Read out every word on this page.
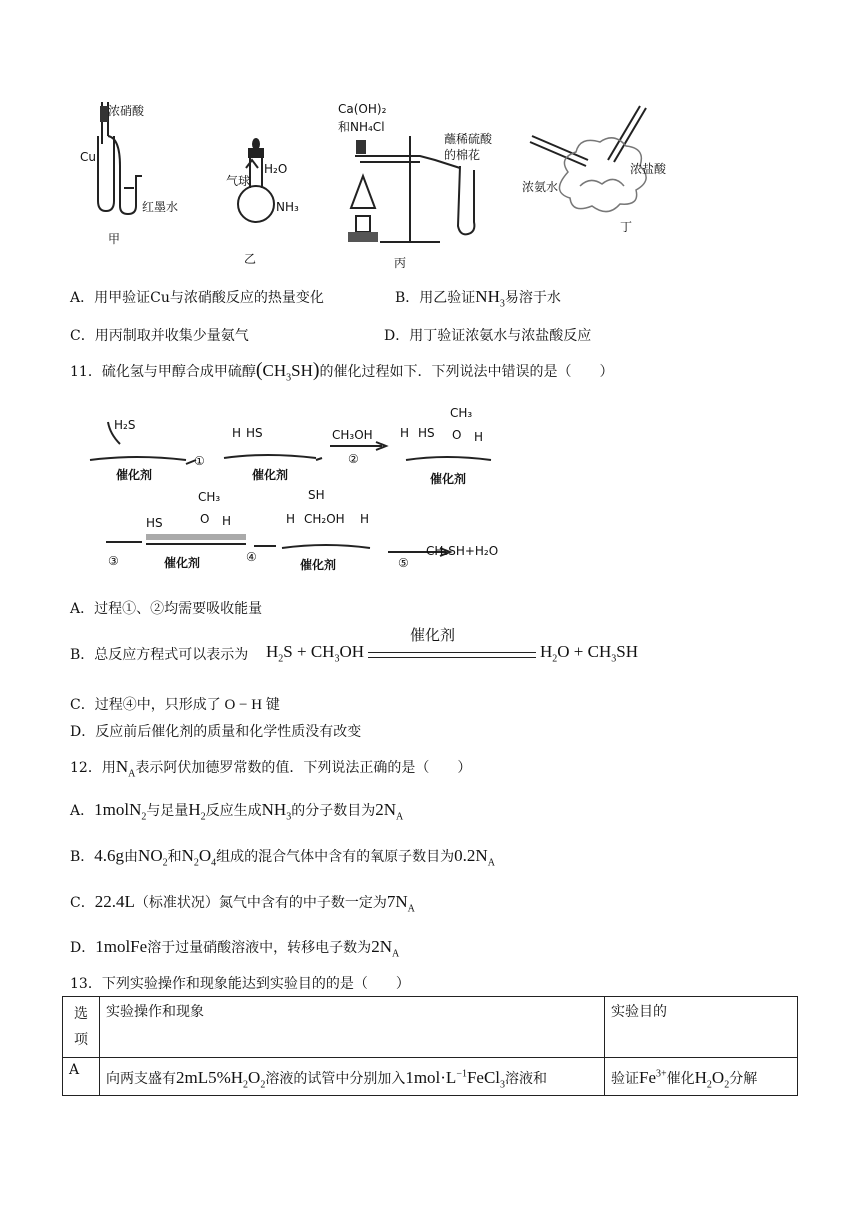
浓硝酸
Cu
红墨水
甲
气球
H₂O
NH₃
乙
Ca(OH)₂
和NH₄Cl
蘸稀硫酸
的棉花
丙
浓氨水
浓盐酸
丁
A．用甲验证Cu与浓硝酸反应的热量变化	B．用乙验证$NH_3$易溶于水
C．用丙制取并收集少量氨气	D．用丁验证浓氨水与浓盐酸反应
11．硫化氢与甲醇合成甲硫醇$(CH_3SH)$的催化过程如下．下列说法中错误的是（　　）
H₂S
催化剂
①
H HS
催化剂
CH₃OH
②
H HS
CH₃
O H
催化剂
③
HS
CH₃
O H
催化剂	④
SH
H CH₂OH H
催化剂	⑤
CH₃SH+H₂O
A．过程①、②均需要吸收能量
B．总反应方程式可以表示为 $H_2S + CH_3OH$
催化剂
$H_2O + CH_3SH$
C．过程④中，只形成了 O − H 键
D．反应前后催化剂的质量和化学性质没有改变
12．用$N_A$表示阿伏加德罗常数的值．下列说法正确的是（　　）
A．1molN$_2$与足量$H_2$反应生成$NH_3$的分子数目为$2N_A$
B．4.6g由$NO_2$和$N_2O_4$组成的混合气体中含有的氧原子数目为$0.2N_A$
C．22.4L（标准状况）氮气中含有的中子数一定为$7N_A$
D．1molFe溶于过量硝酸溶液中，转移电子数为$2N_A$
13．下列实验操作和现象能达到实验目的的是（　　）
选
项	实验操作和现象	实验目的
A	向两支盛有$2mL5\%H_2O_2$溶液的试管中分别加入$1mol\cdot L^{-1}FeCl_3$溶液和	验证$Fe^{3+}$催化$H_2O_2$分解
